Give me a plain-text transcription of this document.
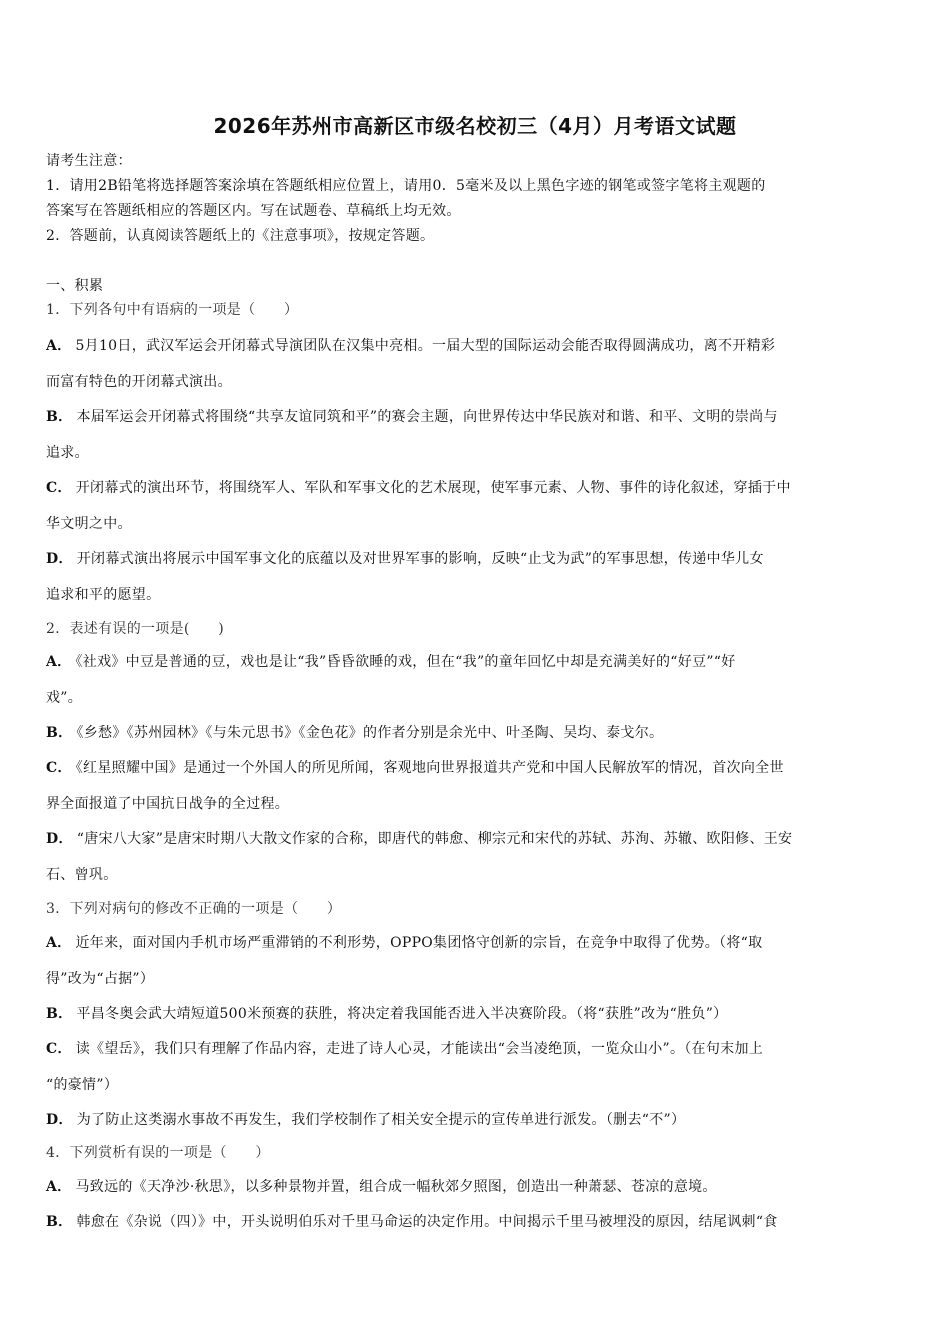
2026年苏州市高新区市级名校初三（4月）月考语文试题
请考生注意：
1．请用2B铅笔将选择题答案涂填在答题纸相应位置上，请用0．5毫米及以上黑色字迹的钢笔或签字笔将主观题的
答案写在答题纸相应的答题区内。写在试题卷、草稿纸上均无效。
2．答题前，认真阅读答题纸上的《注意事项》，按规定答题。
一、积累
1．下列各句中有语病的一项是（　　）
A． 5月10日，武汉军运会开闭幕式导演团队在汉集中亮相。一届大型的国际运动会能否取得圆满成功，离不开精彩
而富有特色的开闭幕式演出。
B． 本届军运会开闭幕式将围绕“共享友谊同筑和平”的赛会主题，向世界传达中华民族对和谐、和平、文明的崇尚与
追求。
C． 开闭幕式的演出环节，将围绕军人、军队和军事文化的艺术展现，使军事元素、人物、事件的诗化叙述，穿插于中
华文明之中。
D． 开闭幕式演出将展示中国军事文化的底蕴以及对世界军事的影响，反映“止戈为武”的军事思想，传递中华儿女
追求和平的愿望。
2．表述有误的一项是(　　)
A． 《社戏》中豆是普通的豆，戏也是让“我”昏昏欲睡的戏，但在“我”的童年回忆中却是充满美好的“好豆”“好
戏”。
B． 《乡愁》《苏州园林》《与朱元思书》《金色花》的作者分别是余光中、叶圣陶、吴均、泰戈尔。
C． 《红星照耀中国》是通过一个外国人的所见所闻，客观地向世界报道共产党和中国人民解放军的情况，首次向全世
界全面报道了中国抗日战争的全过程。
D． “唐宋八大家”是唐宋时期八大散文作家的合称，即唐代的韩愈、柳宗元和宋代的苏轼、苏洵、苏辙、欧阳修、王安
石、曾巩。
3．下列对病句的修改不正确的一项是（　　）
A． 近年来，面对国内手机市场严重滞销的不利形势，OPPO集团恪守创新的宗旨，在竞争中取得了优势。（将“取
得”改为“占据”）
B． 平昌冬奥会武大靖短道500米预赛的获胜，将决定着我国能否进入半决赛阶段。（将“获胜”改为“胜负”）
C． 读《望岳》，我们只有理解了作品内容，走进了诗人心灵，才能读出“会当凌绝顶，一览众山小”。（在句末加上
“的豪情”）
D． 为了防止这类溺水事故不再发生，我们学校制作了相关安全提示的宣传单进行派发。（删去“不”）
4．下列赏析有误的一项是（　　）
A． 马致远的《天净沙·秋思》，以多种景物并置，组合成一幅秋郊夕照图，创造出一种萧瑟、苍凉的意境。
B． 韩愈在《杂说（四）》中，开头说明伯乐对千里马命运的决定作用。中间揭示千里马被埋没的原因，结尾讽刺“食
